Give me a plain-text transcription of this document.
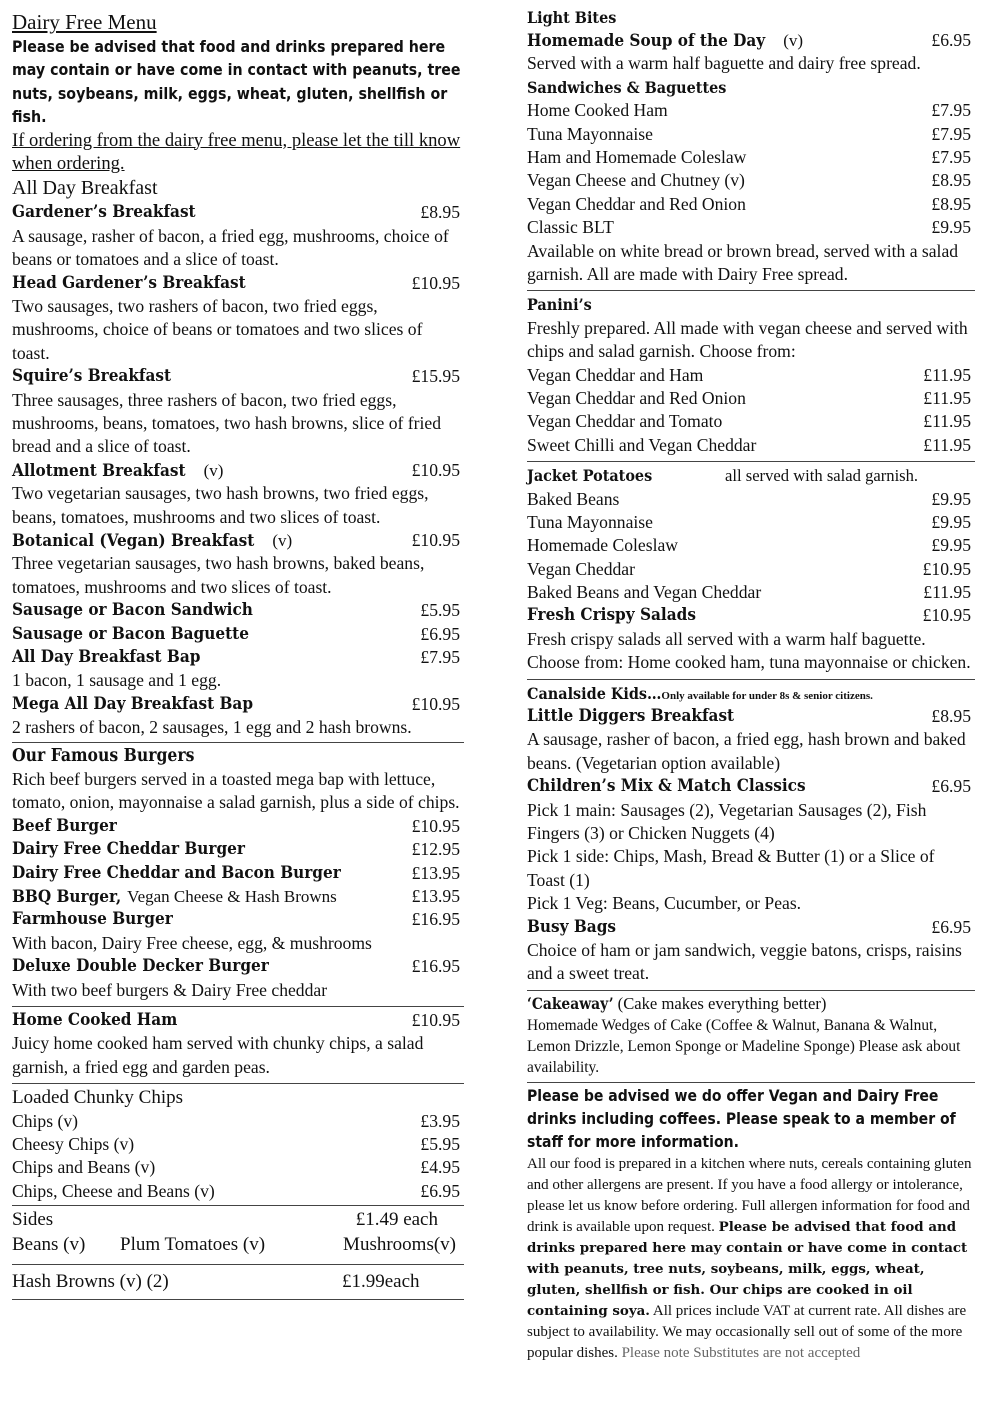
Dairy Free Menu
Please be advised that food and drinks prepared here may contain or have come in contact with peanuts, tree nuts, soybeans, milk, eggs, wheat, gluten, shellfish or fish.
If ordering from the dairy free menu, please let the till know when ordering.
All Day Breakfast
Gardener’s Breakfast	£8.95
A sausage, rasher of bacon, a fried egg, mushrooms, choice of beans or tomatoes and a slice of toast.
Head Gardener’s Breakfast	£10.95
Two sausages, two rashers of bacon, two fried eggs, mushrooms, choice of beans or tomatoes and two slices of toast.
Squire’s Breakfast	£15.95
Three sausages, three rashers of bacon, two fried eggs, mushrooms, beans, tomatoes, two hash browns, slice of fried bread and a slice of toast.
Allotment Breakfast (v)	£10.95
Two vegetarian sausages, two hash browns, two fried eggs, beans, tomatoes, mushrooms and two slices of toast.
Botanical (Vegan) Breakfast (v)	£10.95
Three vegetarian sausages, two hash browns, baked beans, tomatoes, mushrooms and two slices of toast.
Sausage or Bacon Sandwich	£5.95
Sausage or Bacon Baguette	£6.95
All Day Breakfast Bap	£7.95
1 bacon, 1 sausage and 1 egg.
Mega All Day Breakfast Bap	£10.95
2 rashers of bacon, 2 sausages, 1 egg and 2 hash browns.
Our Famous Burgers
Rich beef burgers served in a toasted mega bap with lettuce, tomato, onion, mayonnaise a salad garnish, plus a side of chips.
Beef Burger	£10.95
Dairy Free Cheddar Burger	£12.95
Dairy Free Cheddar and Bacon Burger	£13.95
BBQ Burger, Vegan Cheese & Hash Browns	£13.95
Farmhouse Burger	£16.95
With bacon, Dairy Free cheese, egg, & mushrooms
Deluxe Double Decker Burger	£16.95
With two beef burgers & Dairy Free cheddar
Home Cooked Ham	£10.95
Juicy home cooked ham served with chunky chips, a salad garnish, a fried egg and garden peas.
Loaded Chunky Chips
Chips (v)	£3.95
Cheesy Chips (v)	£5.95
Chips and Beans (v)	£4.95
Chips, Cheese and Beans (v)	£6.95
Sides	£1.49 each
Beans (v) Plum Tomatoes (v)	Mushrooms(v)
Hash Browns (v) (2)	£1.99each
Light Bites
Homemade Soup of the Day (v)	£6.95
Served with a warm half baguette and dairy free spread.
Sandwiches & Baguettes
Home Cooked Ham	£7.95
Tuna Mayonnaise	£7.95
Ham and Homemade Coleslaw	£7.95
Vegan Cheese and Chutney (v)	£8.95
Vegan Cheddar and Red Onion	£8.95
Classic BLT	£9.95
Available on white bread or brown bread, served with a salad garnish. All are made with Dairy Free spread.
Panini’s
Freshly prepared. All made with vegan cheese and served with chips and salad garnish. Choose from:
Vegan Cheddar and Ham	£11.95
Vegan Cheddar and Red Onion	£11.95
Vegan Cheddar and Tomato	£11.95
Sweet Chilli and Vegan Cheddar	£11.95
Jacket Potatoes	all served with salad garnish.
Baked Beans	£9.95
Tuna Mayonnaise	£9.95
Homemade Coleslaw	£9.95
Vegan Cheddar	£10.95
Baked Beans and Vegan Cheddar	£11.95
Fresh Crispy Salads	£10.95
Fresh crispy salads all served with a warm half baguette. Choose from: Home cooked ham, tuna mayonnaise or chicken.
Canalside Kids…Only available for under 8s & senior citizens.
Little Diggers Breakfast	£8.95
A sausage, rasher of bacon, a fried egg, hash brown and baked beans. (Vegetarian option available)
Children’s Mix & Match Classics	£6.95
Pick 1 main: Sausages (2), Vegetarian Sausages (2), Fish Fingers (3) or Chicken Nuggets (4)
Pick 1 side: Chips, Mash, Bread & Butter (1) or a Slice of Toast (1)
Pick 1 Veg: Beans, Cucumber, or Peas.
Busy Bags	£6.95
Choice of ham or jam sandwich, veggie batons, crisps, raisins and a sweet treat.
‘Cakeaway’ (Cake makes everything better)
Homemade Wedges of Cake (Coffee & Walnut, Banana & Walnut, Lemon Drizzle, Lemon Sponge or Madeline Sponge) Please ask about availability.
Please be advised we do offer Vegan and Dairy Free drinks including coffees. Please speak to a member of staff for more information.
All our food is prepared in a kitchen where nuts, cereals containing gluten and other allergens are present. If you have a food allergy or intolerance, please let us know before ordering. Full allergen information for food and drink is available upon request. Please be advised that food and drinks prepared here may contain or have come in contact with peanuts, tree nuts, soybeans, milk, eggs, wheat, gluten, shellfish or fish. Our chips are cooked in oil containing soya. All prices include VAT at current rate. All dishes are subject to availability. We may occasionally sell out of some of the more popular dishes. Please note Substitutes are not accepted
